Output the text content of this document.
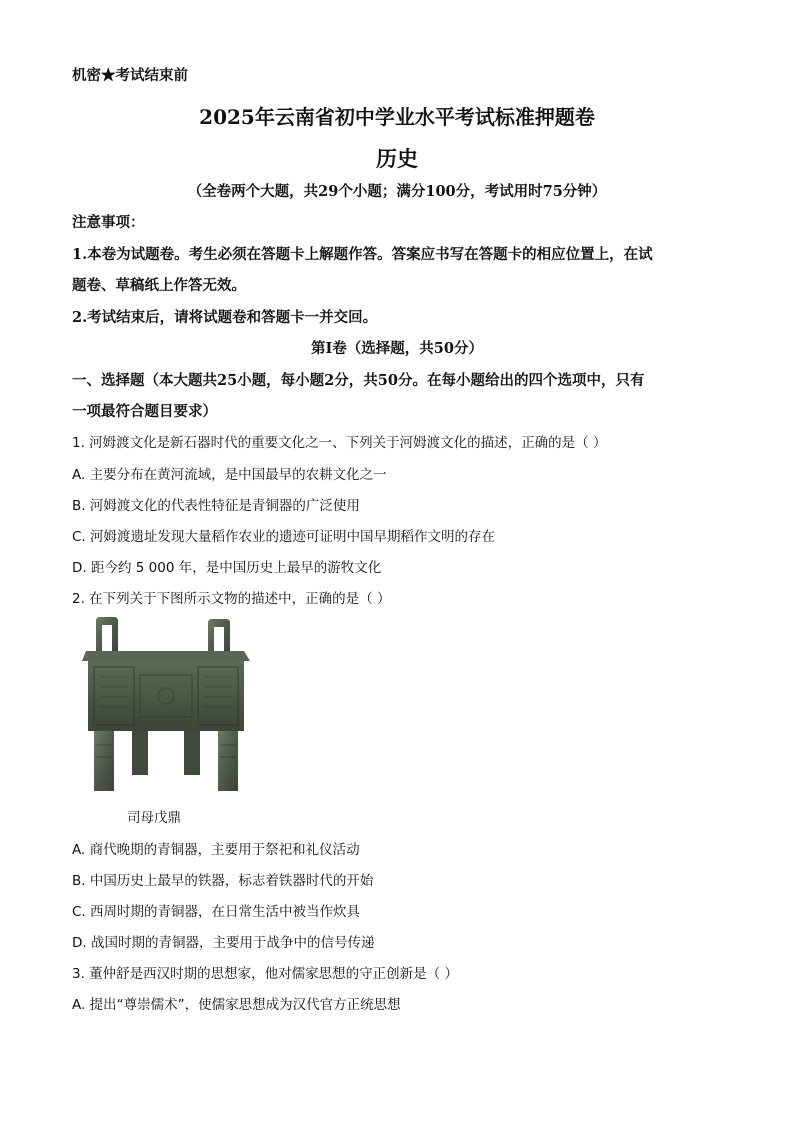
机密★考试结束前
2025年云南省初中学业水平考试标准押题卷
历史
（全卷两个大题，共29个小题；满分100分，考试用时75分钟）
注意事项：
1.本卷为试题卷。考生必须在答题卡上解题作答。答案应书写在答题卡的相应位置上，在试
题卷、草稿纸上作答无效。
2.考试结束后，请将试题卷和答题卡一并交回。
第Ⅰ卷（选择题，共50分）
一、选择题（本大题共25小题，每小题2分，共50分。在每小题给出的四个选项中，只有
一项最符合题目要求）
1. 河姆渡文化是新石器时代的重要文化之一、下列关于河姆渡文化的描述，正确的是（ ）
A. 主要分布在黄河流域，是中国最早的农耕文化之一
B. 河姆渡文化的代表性特征是青铜器的广泛使用
C. 河姆渡遗址发现大量稻作农业的遗迹可证明中国早期稻作文明的存在
D. 距今约 5 000 年，是中国历史上最早的游牧文化
2. 在下列关于下图所示文物的描述中，正确的是（ ）
司母戊鼎
A. 商代晚期的青铜器，主要用于祭祀和礼仪活动
B. 中国历史上最早的铁器，标志着铁器时代的开始
C. 西周时期的青铜器，在日常生活中被当作炊具
D. 战国时期的青铜器，主要用于战争中的信号传递
3. 董仲舒是西汉时期的思想家，他对儒家思想的守正创新是（ ）
A. 提出“尊崇儒术”，使儒家思想成为汉代官方正统思想
